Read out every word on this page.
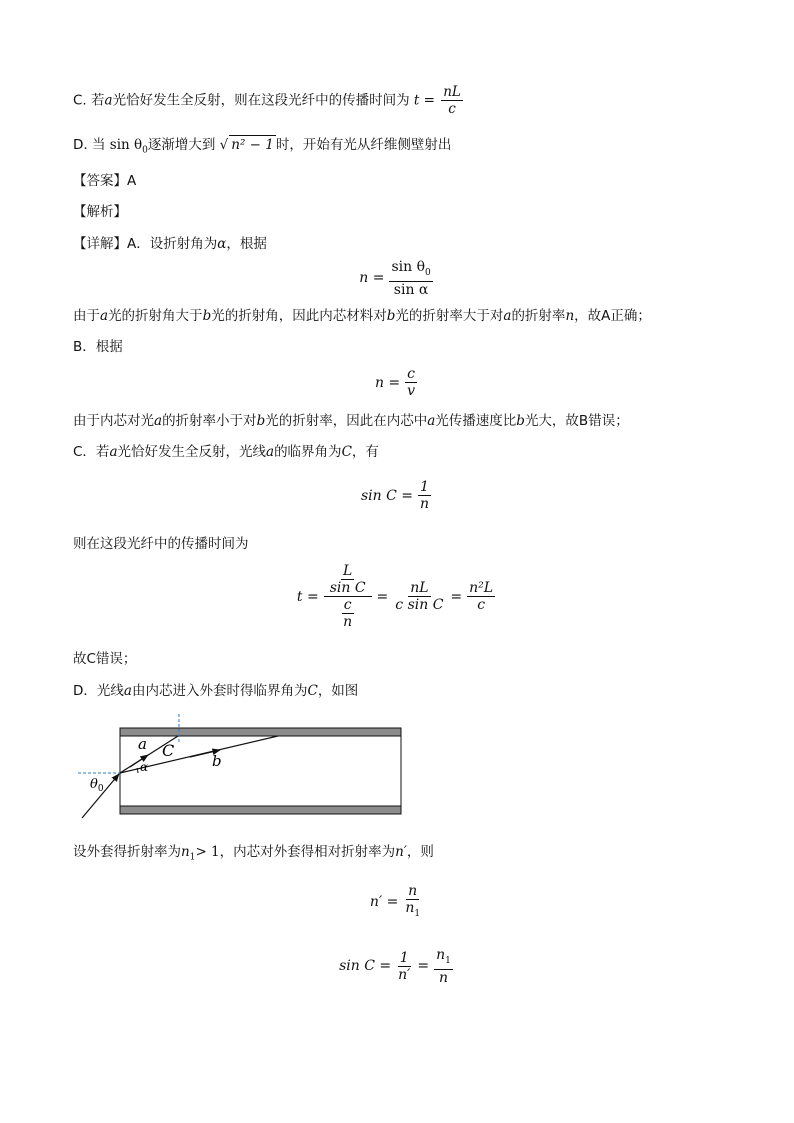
C. 若a光恰好发生全反射，则在这段光纤中的传播时间为 $t = \frac{nL}{c}$
D. 当 $\sin \theta_0$逐渐增大到 √ n² − 1 时，开始有光从纤维侧壁射出
【答案】A
【解析】
【详解】A．设折射角为α，根据
$n = \frac{\sin \theta_0}{\text{sin α}}$
由于a光的折射角大于b光的折射角，因此内芯材料对b光的折射率大于对a的折射率n，故A正确；
B．根据
$n = \frac{c}{v}$
由于内芯对光a的折射率小于对b光的折射率，因此在内芯中a光传播速度比b光大，故B错误；
C．若a光恰好发生全反射，光线a的临界角为C，有
$\sin C = \frac{1}{n}$
则在这段光纤中的传播时间为
$t = \frac{\frac{L}{\text{sin C}}}{\frac{c}{n}} = \frac{nL}{\text{c sin C}} = \frac{\text{n²L}}{c}$
故C错误；
D．光线a由内芯进入外套时得临界角为C，如图
a C
α	b
$\theta_0$
设外套得折射率为$n_1> 1$，内芯对外套得相对折射率为n′，则
$n' = \frac{n}{n_1}$
$\sin C = \frac{1}{n'} = \frac{n_1}{n}$
